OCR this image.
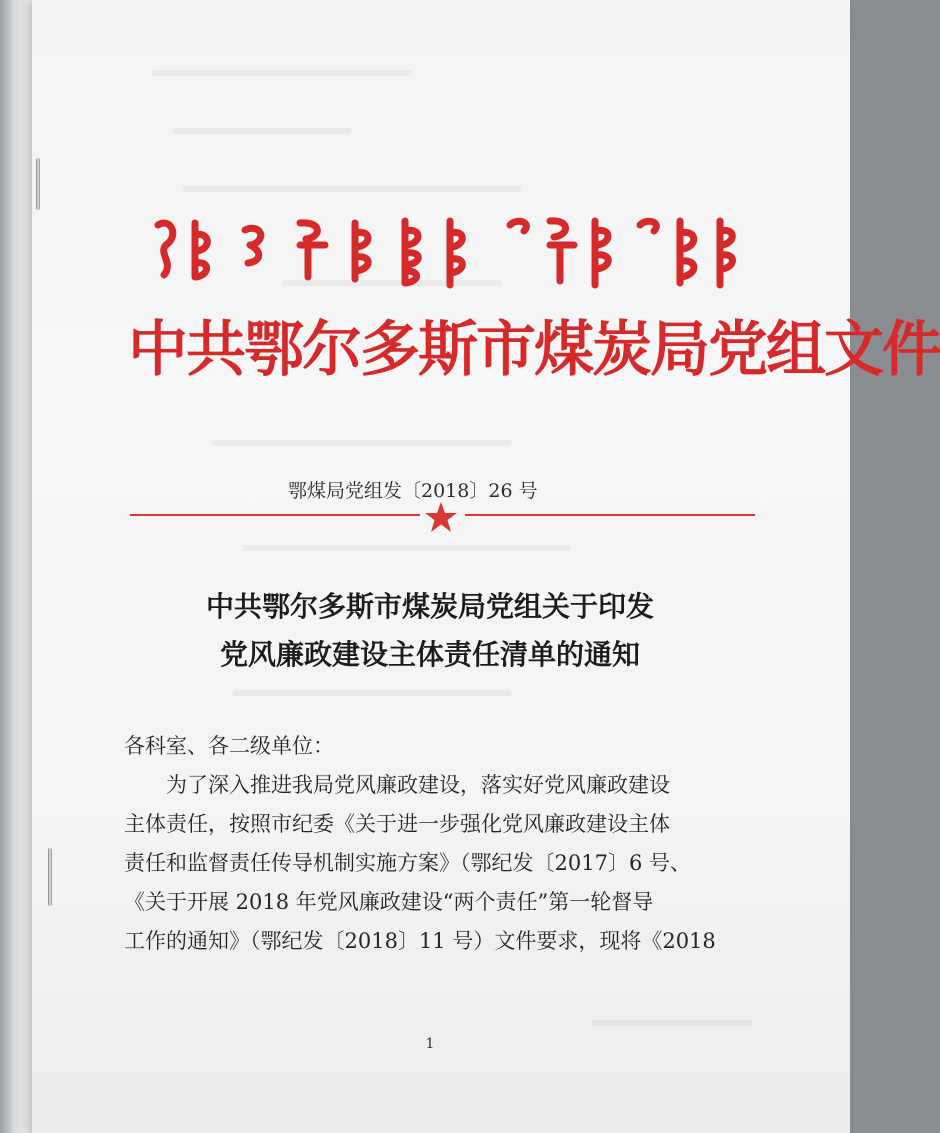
中共鄂尔多斯市煤炭局党组文件
鄂煤局党组发〔2018〕26 号
中共鄂尔多斯市煤炭局党组关于印发
党风廉政建设主体责任清单的通知
各科室、各二级单位：
为了深入推进我局党风廉政建设，落实好党风廉政建设
主体责任，按照市纪委《关于进一步强化党风廉政建设主体
责任和监督责任传导机制实施方案》（鄂纪发〔2017〕6 号、
《关于开展 2018 年党风廉政建设“两个责任”第一轮督导
工作的通知》（鄂纪发〔2018〕11 号）文件要求，现将《2018
1
